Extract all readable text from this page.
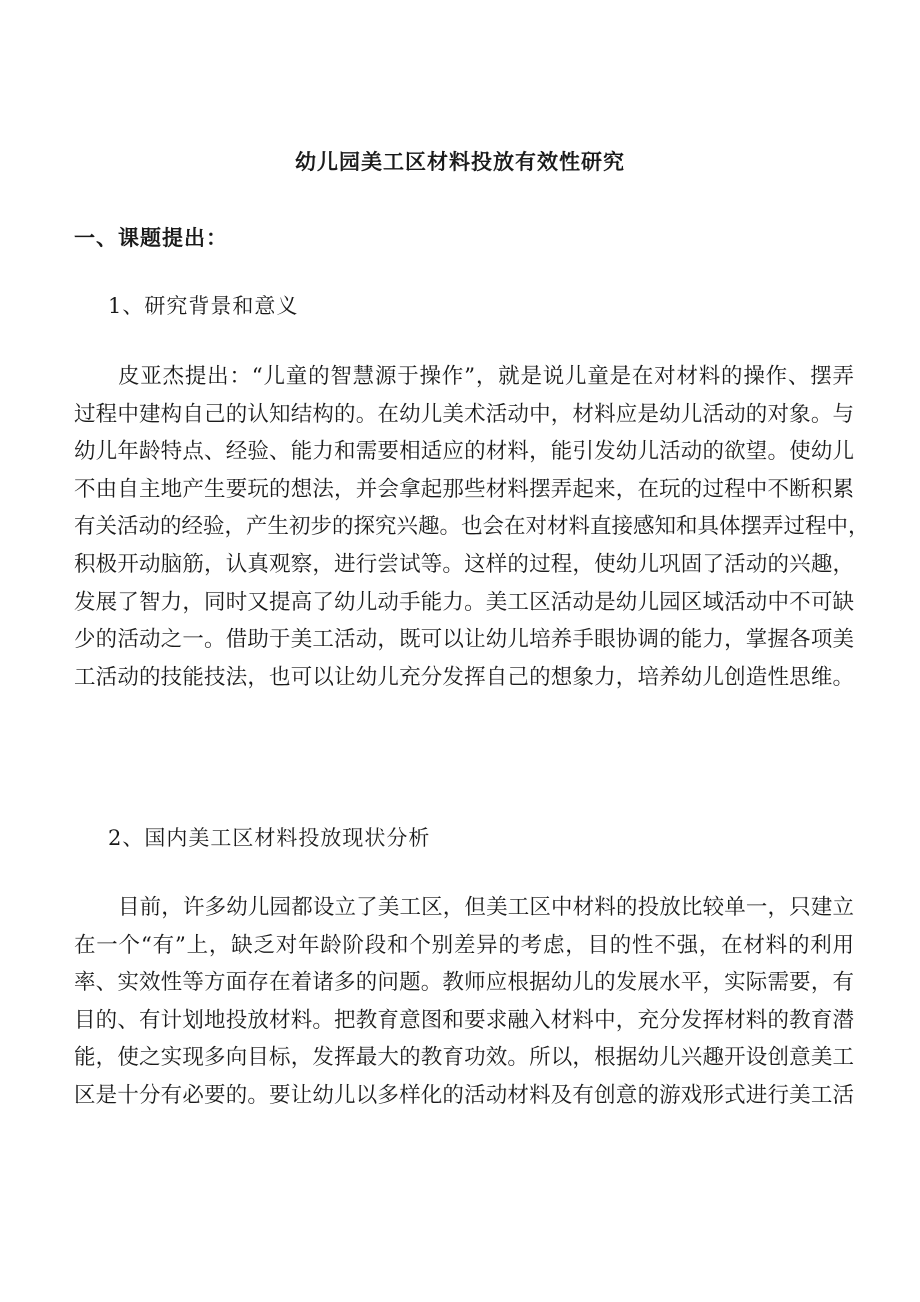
幼儿园美工区材料投放有效性研究
一、课题提出：
1、研究背景和意义
皮亚杰提出：“儿童的智慧源于操作”，就是说儿童是在对材料的操作、摆弄
过程中建构自己的认知结构的。在幼儿美术活动中，材料应是幼儿活动的对象。与
幼儿年龄特点、经验、能力和需要相适应的材料，能引发幼儿活动的欲望。使幼儿
不由自主地产生要玩的想法，并会拿起那些材料摆弄起来，在玩的过程中不断积累
有关活动的经验，产生初步的探究兴趣。也会在对材料直接感知和具体摆弄过程中，
积极开动脑筋，认真观察，进行尝试等。这样的过程，使幼儿巩固了活动的兴趣，
发展了智力，同时又提高了幼儿动手能力。美工区活动是幼儿园区域活动中不可缺
少的活动之一。借助于美工活动，既可以让幼儿培养手眼协调的能力，掌握各项美
工活动的技能技法，也可以让幼儿充分发挥自己的想象力，培养幼儿创造性思维。
2、国内美工区材料投放现状分析
目前，许多幼儿园都设立了美工区，但美工区中材料的投放比较单一，只建立
在一个“有”上，缺乏对年龄阶段和个别差异的考虑，目的性不强，在材料的利用
率、实效性等方面存在着诸多的问题。教师应根据幼儿的发展水平，实际需要，有
目的、有计划地投放材料。把教育意图和要求融入材料中，充分发挥材料的教育潜
能，使之实现多向目标，发挥最大的教育功效。所以，根据幼儿兴趣开设创意美工
区是十分有必要的。要让幼儿以多样化的活动材料及有创意的游戏形式进行美工活
